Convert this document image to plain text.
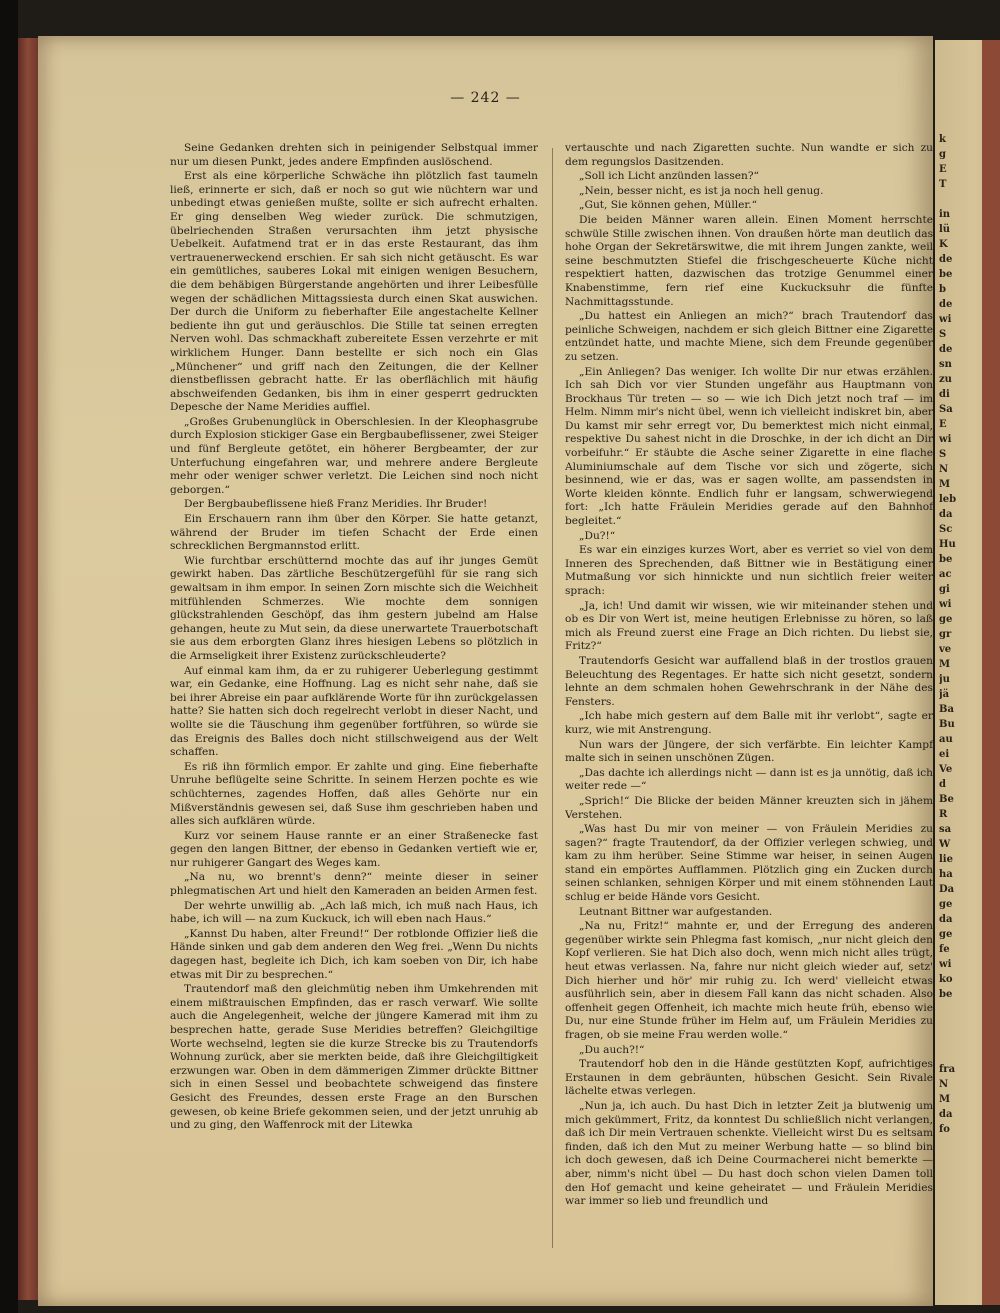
k
g
E
T
in
lü
K
de
be
b
de
wi
S
de
sn
zu
di
Sa
E
wi
S
N
M
leb
da
Sc
Hu
be
ac
gi
wi
ge
gr
ve
M
ju
jä
Ba
Bu
au
ei
Ve
d
Be
R
sa
W
lie
ha
Da
ge
da
ge
fe
wi
ko
be
fra
N
M
da
fo
— 242 —

Seine Gedanken drehten sich in peinigender Selbstqual immer nur um diesen Punkt, jedes andere Empfinden auslöschend.

Erst als eine körperliche Schwäche ihn plötzlich fast taumeln ließ, erinnerte er sich, daß er noch so gut wie nüchtern war und unbedingt etwas genießen mußte, sollte er sich aufrecht erhalten. Er ging denselben Weg wieder zurück. Die schmutzigen, übelriechenden Straßen verursachten ihm jetzt physische Uebelkeit. Aufatmend trat er in das erste Restaurant, das ihm vertrauenerweckend erschien. Er sah sich nicht getäuscht. Es war ein gemütliches, sauberes Lokal mit einigen wenigen Besuchern, die dem behäbigen Bürgerstande angehörten und ihrer Leibesfülle wegen der schädlichen Mittagssiesta durch einen Skat auswichen. Der durch die Uniform zu fieberhafter Eile angestachelte Kellner bediente ihn gut und geräuschlos. Die Stille tat seinen erregten Nerven wohl. Das schmackhaft zubereitete Essen verzehrte er mit wirklichem Hunger. Dann bestellte er sich noch ein Glas „Münchener“ und griff nach den Zeitungen, die der Kellner dienstbeflissen gebracht hatte. Er las oberflächlich mit häufig abschweifenden Gedanken, bis ihm in einer gesperrt gedruckten Depesche der Name Meridies auffiel.

„Großes Grubenunglück in Oberschlesien. In der Kleophasgrube durch Explosion stickiger Gase ein Bergbaubeflissener, zwei Steiger und fünf Bergleute getötet, ein höherer Bergbeamter, der zur Unterfuchung eingefahren war, und mehrere andere Bergleute mehr oder weniger schwer verletzt. Die Leichen sind noch nicht geborgen.“

Der Bergbaubeflissene hieß Franz Meridies. Ihr Bruder!

Ein Erschauern rann ihm über den Körper. Sie hatte getanzt, während der Bruder im tiefen Schacht der Erde einen schrecklichen Bergmannstod erlitt.

Wie furchtbar erschütternd mochte das auf ihr junges Gemüt gewirkt haben. Das zärtliche Beschützergefühl für sie rang sich gewaltsam in ihm empor. In seinen Zorn mischte sich die Weichheit mitfühlenden Schmerzes. Wie mochte dem sonnigen glückstrahlenden Geschöpf, das ihm gestern jubelnd am Halse gehangen, heute zu Mut sein, da diese unerwartete Trauerbotschaft sie aus dem erborgten Glanz ihres hiesigen Lebens so plötzlich in die Armseligkeit ihrer Existenz zurückschleuderte?

Auf einmal kam ihm, da er zu ruhigerer Ueberlegung gestimmt war, ein Gedanke, eine Hoffnung. Lag es nicht sehr nahe, daß sie bei ihrer Abreise ein paar aufklärende Worte für ihn zurückgelassen hatte? Sie hatten sich doch regelrecht verlobt in dieser Nacht, und wollte sie die Täuschung ihm gegenüber fortführen, so würde sie das Ereignis des Balles doch nicht stillschweigend aus der Welt schaffen.

Es riß ihn förmlich empor. Er zahlte und ging. Eine fieberhafte Unruhe beflügelte seine Schritte. In seinem Herzen pochte es wie schüchternes, zagendes Hoffen, daß alles Gehörte nur ein Mißverständnis gewesen sei, daß Suse ihm geschrieben haben und alles sich aufklären würde.

Kurz vor seinem Hause rannte er an einer Straßenecke fast gegen den langen Bittner, der ebenso in Gedanken vertieft wie er, nur ruhigerer Gangart des Weges kam.

„Na nu, wo brennt's denn?“ meinte dieser in seiner phlegmatischen Art und hielt den Kameraden an beiden Armen fest.

Der wehrte unwillig ab. „Ach laß mich, ich muß nach Haus, ich habe, ich will — na zum Kuckuck, ich will eben nach Haus.“

„Kannst Du haben, alter Freund!“ Der rotblonde Offizier ließ die Hände sinken und gab dem anderen den Weg frei. „Wenn Du nichts dagegen hast, begleite ich Dich, ich kam soeben von Dir, ich habe etwas mit Dir zu besprechen.“

Trautendorf maß den gleichmütig neben ihm Umkehrenden mit einem mißtrauischen Empfinden, das er rasch verwarf. Wie sollte auch die Angelegenheit, welche der jüngere Kamerad mit ihm zu besprechen hatte, gerade Suse Meridies betreffen? Gleichgiltige Worte wechselnd, legten sie die kurze Strecke bis zu Trautendorfs Wohnung zurück, aber sie merkten beide, daß ihre Gleichgiltigkeit erzwungen war. Oben in dem dämmerigen Zimmer drückte Bittner sich in einen Sessel und beobachtete schweigend das finstere Gesicht des Freundes, dessen erste Frage an den Burschen gewesen, ob keine Briefe gekommen seien, und der jetzt unruhig ab und zu ging, den Waffenrock mit der Litewka

vertauschte und nach Zigaretten suchte. Nun wandte er sich zu dem regungslos Dasitzenden.

„Soll ich Licht anzünden lassen?“

„Nein, besser nicht, es ist ja noch hell genug.

„Gut, Sie können gehen, Müller.“

Die beiden Männer waren allein. Einen Moment herrschte schwüle Stille zwischen ihnen. Von draußen hörte man deutlich das hohe Organ der Sekretärswitwe, die mit ihrem Jungen zankte, weil seine beschmutzten Stiefel die frischgescheuerte Küche nicht respektiert hatten, dazwischen das trotzige Genummel einer Knabenstimme, fern rief eine Kuckucksuhr die fünfte Nachmittagsstunde.

„Du hattest ein Anliegen an mich?“ brach Trautendorf das peinliche Schweigen, nachdem er sich gleich Bittner eine Zigarette entzündet hatte, und machte Miene, sich dem Freunde gegenüber zu setzen.

„Ein Anliegen? Das weniger. Ich wollte Dir nur etwas erzählen. Ich sah Dich vor vier Stunden ungefähr aus Hauptmann von Brockhaus Tür treten — so — wie ich Dich jetzt noch traf — im Helm. Nimm mir's nicht übel, wenn ich vielleicht indiskret bin, aber Du kamst mir sehr erregt vor, Du bemerktest mich nicht einmal, respektive Du sahest nicht in die Droschke, in der ich dicht an Dir vorbeifuhr.“ Er stäubte die Asche seiner Zigarette in eine flache Aluminiumschale auf dem Tische vor sich und zögerte, sich besinnend, wie er das, was er sagen wollte, am passendsten in Worte kleiden könnte. Endlich fuhr er langsam, schwerwiegend fort: „Ich hatte Fräulein Meridies gerade auf den Bahnhof begleitet.“

„Du?!“

Es war ein einziges kurzes Wort, aber es verriet so viel von dem Inneren des Sprechenden, daß Bittner wie in Bestätigung einer Mutmaßung vor sich hinnickte und nun sichtlich freier weiter sprach:

„Ja, ich! Und damit wir wissen, wie wir miteinander stehen und ob es Dir von Wert ist, meine heutigen Erlebnisse zu hören, so laß mich als Freund zuerst eine Frage an Dich richten. Du liebst sie, Fritz?“

Trautendorfs Gesicht war auffallend blaß in der trostlos grauen Beleuchtung des Regentages. Er hatte sich nicht gesetzt, sondern lehnte an dem schmalen hohen Gewehrschrank in der Nähe des Fensters.

„Ich habe mich gestern auf dem Balle mit ihr verlobt“, sagte er kurz, wie mit Anstrengung.

Nun wars der Jüngere, der sich verfärbte. Ein leichter Kampf malte sich in seinen unschönen Zügen.

„Das dachte ich allerdings nicht — dann ist es ja unnötig, daß ich weiter rede —“

„Sprich!“ Die Blicke der beiden Männer kreuzten sich in jähem Verstehen.

„Was hast Du mir von meiner — von Fräulein Meridies zu sagen?“ fragte Trautendorf, da der Offizier verlegen schwieg, und kam zu ihm herüber. Seine Stimme war heiser, in seinen Augen stand ein empörtes Aufflammen. Plötzlich ging ein Zucken durch seinen schlanken, sehnigen Körper und mit einem stöhnenden Laut schlug er beide Hände vors Gesicht.

Leutnant Bittner war aufgestanden.

„Na nu, Fritz!“ mahnte er, und der Erregung des anderen gegenüber wirkte sein Phlegma fast komisch, „nur nicht gleich den Kopf verlieren. Sie hat Dich also doch, wenn mich nicht alles trügt, heut etwas verlassen. Na, fahre nur nicht gleich wieder auf, setz' Dich hierher und hör' mir ruhig zu. Ich werd' vielleicht etwas ausführlich sein, aber in diesem Fall kann das nicht schaden. Also offenheit gegen Offenheit, ich machte mich heute früh, ebenso wie Du, nur eine Stunde früher im Helm auf, um Fräulein Meridies zu fragen, ob sie meine Frau werden wolle.“

„Du auch?!“

Trautendorf hob den in die Hände gestützten Kopf, aufrichtiges Erstaunen in dem gebräunten, hübschen Gesicht. Sein Rivale lächelte etwas verlegen.

„Nun ja, ich auch. Du hast Dich in letzter Zeit ja blutwenig um mich gekümmert, Fritz, da konntest Du schließlich nicht verlangen, daß ich Dir mein Vertrauen schenkte. Vielleicht wirst Du es seltsam finden, daß ich den Mut zu meiner Werbung hatte — so blind bin ich doch gewesen, daß ich Deine Courmacherei nicht bemerkte — aber, nimm's nicht übel — Du hast doch schon vielen Damen toll den Hof gemacht und keine geheiratet — und Fräulein Meridies war immer so lieb und freundlich und
